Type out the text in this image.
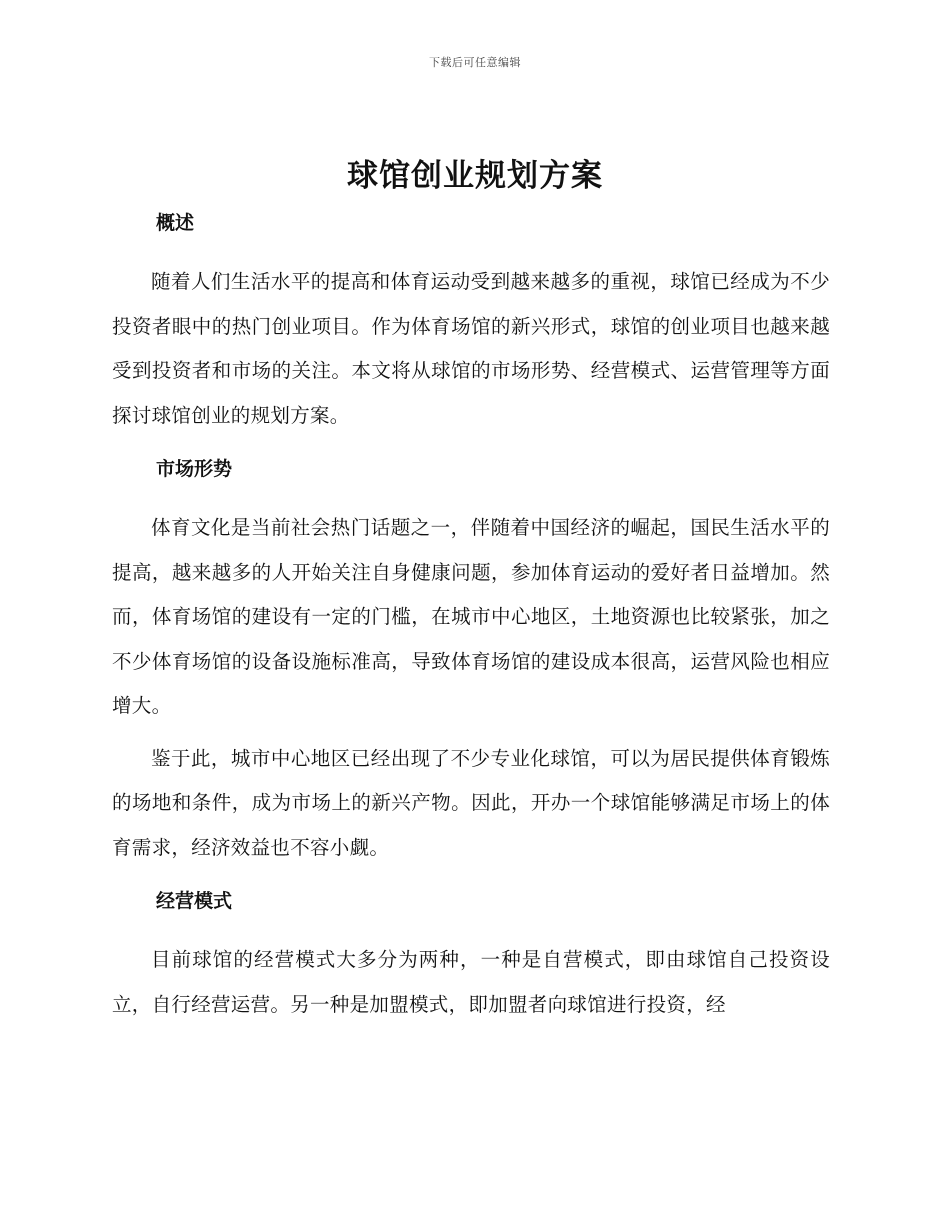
下载后可任意编辑
球馆创业规划方案
概述

随着人们生活水平的提高和体育运动受到越来越多的重视，球馆已经成为不少投资者眼中的热门创业项目。作为体育场馆的新兴形式，球馆的创业项目也越来越受到投资者和市场的关注。本文将从球馆的市场形势、经营模式、运营管理等方面探讨球馆创业的规划方案。

市场形势

体育文化是当前社会热门话题之一，伴随着中国经济的崛起，国民生活水平的提高，越来越多的人开始关注自身健康问题，参加体育运动的爱好者日益增加。然而，体育场馆的建设有一定的门槛，在城市中心地区，土地资源也比较紧张，加之不少体育场馆的设备设施标准高，导致体育场馆的建设成本很高，运营风险也相应增大。

鉴于此，城市中心地区已经出现了不少专业化球馆，可以为居民提供体育锻炼的场地和条件，成为市场上的新兴产物。因此，开办一个球馆能够满足市场上的体育需求，经济效益也不容小觑。

经营模式

目前球馆的经营模式大多分为两种，一种是自营模式，即由球馆自己投资设立，自行经营运营。另一种是加盟模式，即加盟者向球馆进行投资，经
